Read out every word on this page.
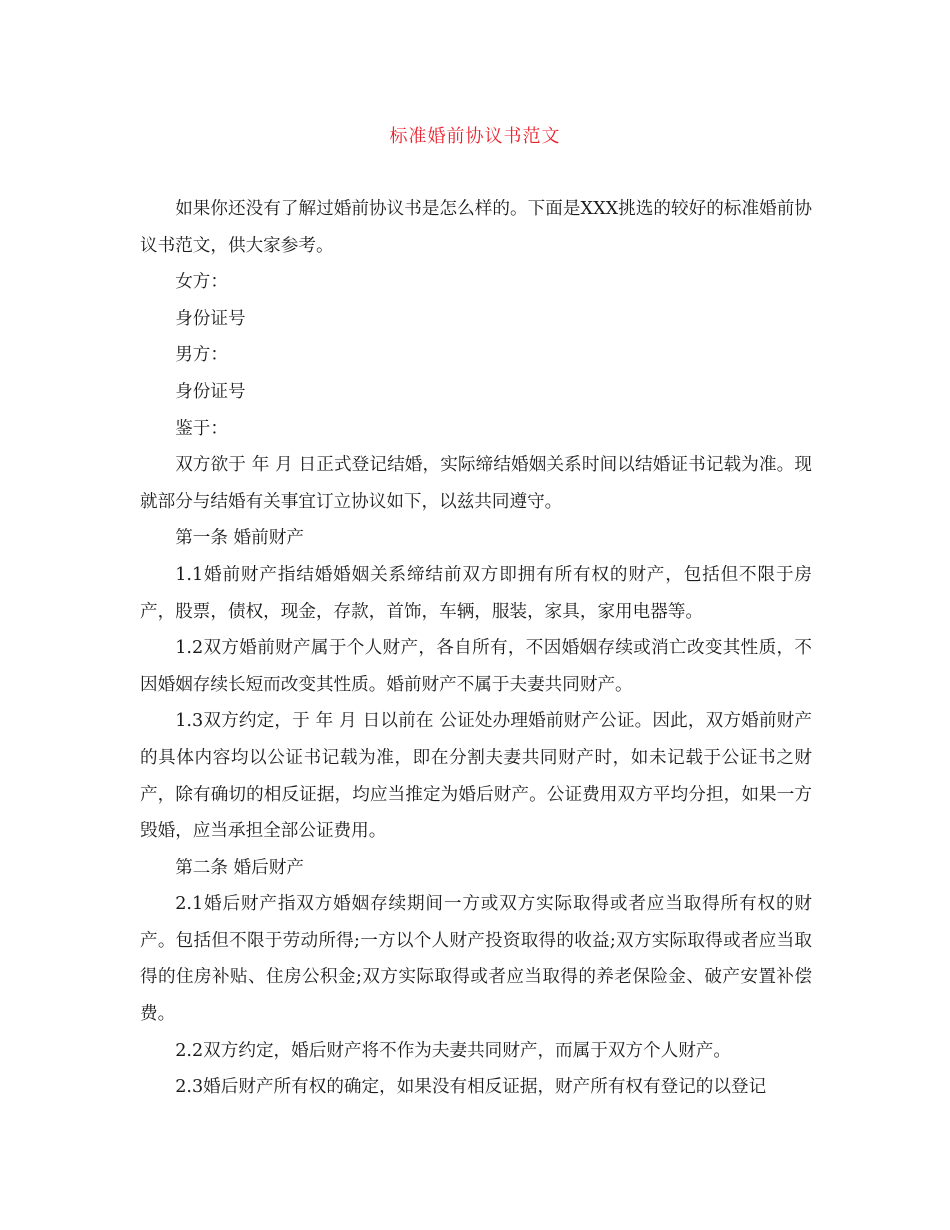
标准婚前协议书范文

如果你还没有了解过婚前协议书是怎么样的。下面是XXX挑选的较好的标准婚前协议书范文，供大家参考。

女方：

身份证号

男方：

身份证号

鉴于：

双方欲于 年 月 日正式登记结婚，实际缔结婚姻关系时间以结婚证书记载为准。现就部分与结婚有关事宜订立协议如下，以兹共同遵守。

第一条 婚前财产

1.1婚前财产指结婚婚姻关系缔结前双方即拥有所有权的财产，包括但不限于房产，股票，债权，现金，存款，首饰，车辆，服装，家具，家用电器等。

1.2双方婚前财产属于个人财产，各自所有，不因婚姻存续或消亡改变其性质，不因婚姻存续长短而改变其性质。婚前财产不属于夫妻共同财产。

1.3双方约定，于 年 月 日以前在 公证处办理婚前财产公证。因此，双方婚前财产的具体内容均以公证书记载为准，即在分割夫妻共同财产时，如未记载于公证书之财产，除有确切的相反证据，均应当推定为婚后财产。公证费用双方平均分担，如果一方毁婚，应当承担全部公证费用。

第二条 婚后财产

2.1婚后财产指双方婚姻存续期间一方或双方实际取得或者应当取得所有权的财产。包括但不限于劳动所得;一方以个人财产投资取得的收益;双方实际取得或者应当取得的住房补贴、住房公积金;双方实际取得或者应当取得的养老保险金、破产安置补偿费。

2.2双方约定，婚后财产将不作为夫妻共同财产，而属于双方个人财产。

2.3婚后财产所有权的确定，如果没有相反证据，财产所有权有登记的以登记
